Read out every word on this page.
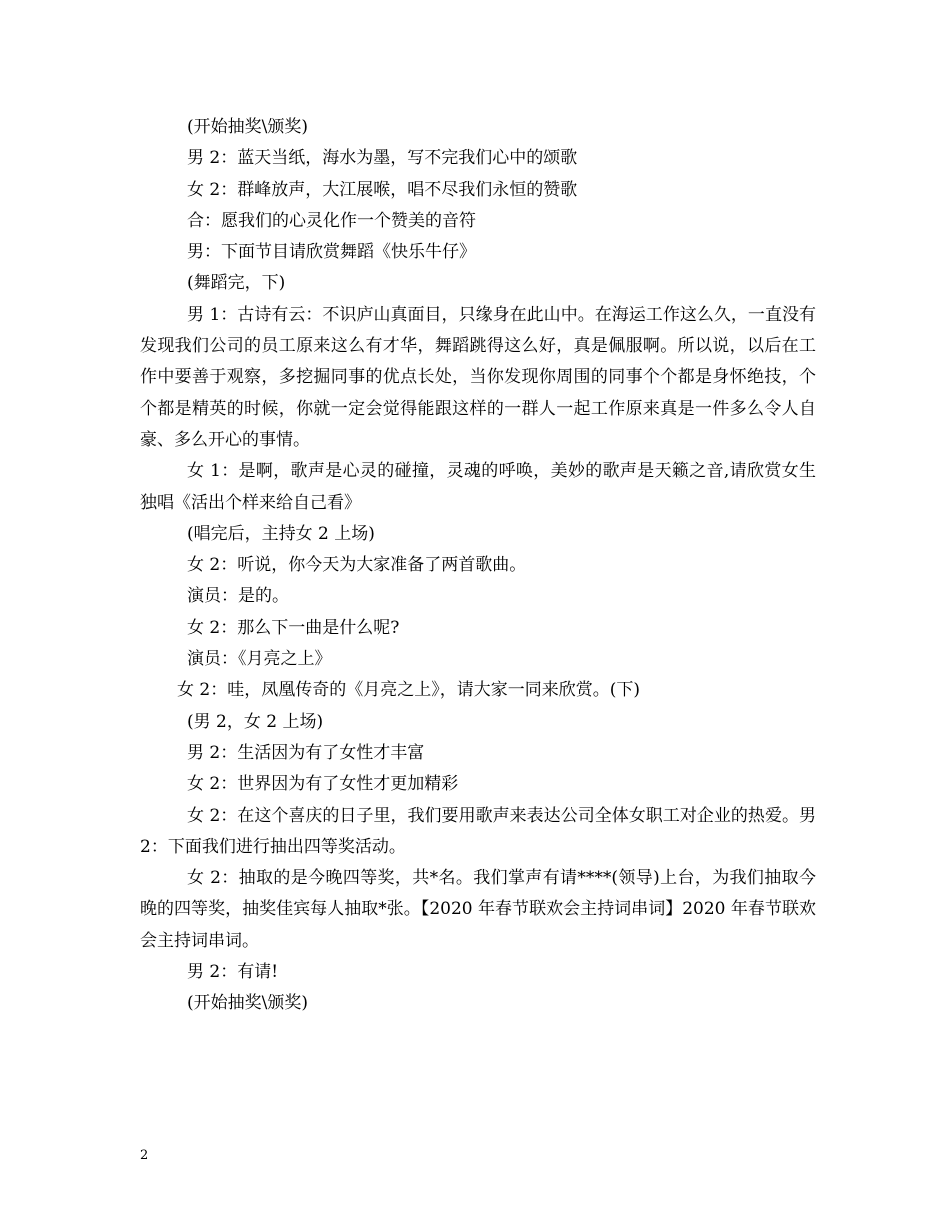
(开始抽奖\颁奖)

男 2：蓝天当纸，海水为墨，写不完我们心中的颂歌

女 2：群峰放声，大江展喉，唱不尽我们永恒的赞歌

合：愿我们的心灵化作一个赞美的音符

男：下面节目请欣赏舞蹈《快乐牛仔》

(舞蹈完，下)

男 1：古诗有云：不识庐山真面目，只缘身在此山中。在海运工作这么久，一直没有发现我们公司的员工原来这么有才华，舞蹈跳得这么好，真是佩服啊。所以说，以后在工作中要善于观察，多挖掘同事的优点长处，当你发现你周围的同事个个都是身怀绝技，个个都是精英的时候，你就一定会觉得能跟这样的一群人一起工作原来真是一件多么令人自豪、多么开心的事情。

女 1：是啊，歌声是心灵的碰撞，灵魂的呼唤，美妙的歌声是天籁之音,请欣赏女生独唱《活出个样来给自己看》

(唱完后，主持女 2 上场)

女 2：听说，你今天为大家准备了两首歌曲。

演员：是的。

女 2：那么下一曲是什么呢?

演员：《月亮之上》

女 2：哇，凤凰传奇的《月亮之上》，请大家一同来欣赏。(下)

(男 2，女 2 上场)

男 2：生活因为有了女性才丰富

女 2：世界因为有了女性才更加精彩

女 2：在这个喜庆的日子里，我们要用歌声来表达公司全体女职工对企业的热爱。男 2：下面我们进行抽出四等奖活动。

女 2：抽取的是今晚四等奖，共*名。我们掌声有请****(领导)上台，为我们抽取今晚的四等奖，抽奖佳宾每人抽取*张。【2020 年春节联欢会主持词串词】2020 年春节联欢会主持词串词。

男 2：有请!

(开始抽奖\颁奖)

2
